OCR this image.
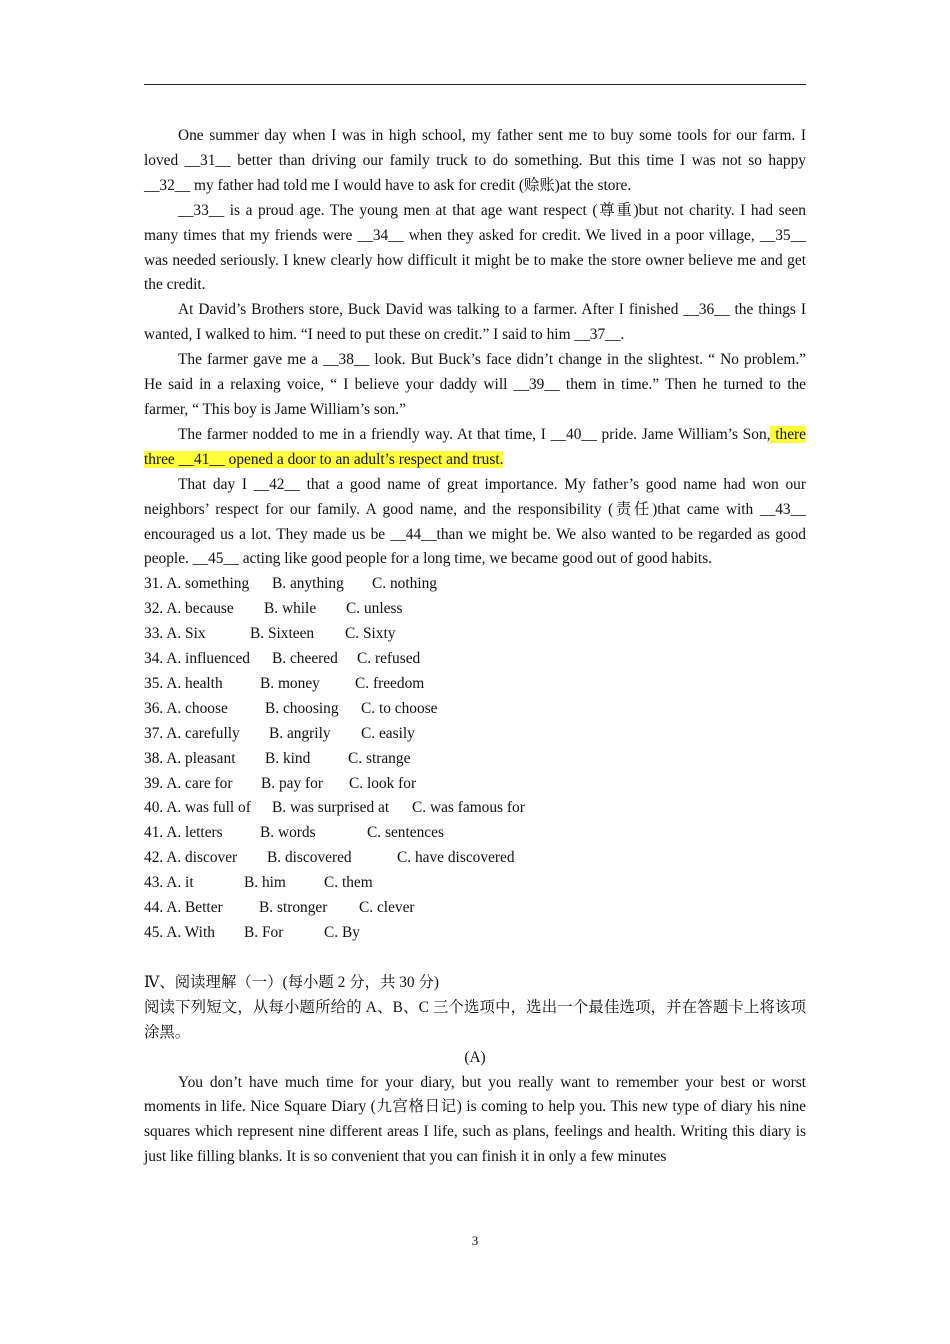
One summer day when I was in high school, my father sent me to buy some tools for our farm. I loved __31__ better than driving our family truck to do something. But this time I was not so happy __32__ my father had told me I would have to ask for credit (赊账)at the store.

__33__ is a proud age. The young men at that age want respect (尊重)but not charity. I had seen many times that my friends were __34__ when they asked for credit. We lived in a poor village, __35__ was needed seriously. I knew clearly how difficult it might be to make the store owner believe me and get the credit.

At David’s Brothers store, Buck David was talking to a farmer. After I finished __36__ the things I wanted, I walked to him. “I need to put these on credit.” I said to him __37__.

The farmer gave me a __38__ look. But Buck’s face didn’t change in the slightest. “ No problem.” He said in a relaxing voice, “ I believe your daddy will __39__ them in time.” Then he turned to the farmer, “ This boy is Jame William’s son.”

The farmer nodded to me in a friendly way. At that time, I __40__ pride. Jame William’s Son, there three __41__ opened a door to an adult’s respect and trust.

That day I __42__ that a good name of great importance. My father’s good name had won our neighbors’ respect for our family. A good name, and the responsibility (责任)that came with __43__ encouraged us a lot. They made us be __44__than we might be. We also wanted to be regarded as good people. __45__ acting like good people for a long time, we became good out of good habits.

31. A. something B. anything C. nothing
32. A. because B. while C. unless
33. A. Six	B. Sixteen C. Sixty
34. A. influenced B. cheered C. refused
35. A. health B. money C. freedom
36. A. choose B. choosing C. to choose
37. A. carefully B. angrily C. easily
38. A. pleasant B. kind C. strange
39. A. care for B. pay for C. look for
40. A. was full of B. was surprised at C. was famous for
41. A. letters B. words	C. sentences
42. A. discover B. discovered	C. have discovered
43. A. it	B. him C. them
44. A. Better B. stronger C. clever
45. A. With B. For	C. By

Ⅳ、阅读理解（一）(每小题 2 分，共 30 分)

阅读下列短文，从每小题所给的 A、B、C 三个选项中，选出一个最佳选项，并在答题卡上将该项涂黑。

(A)

You don’t have much time for your diary, but you really want to remember your best or worst moments in life. Nice Square Diary (九宫格日记) is coming to help you. This new type of diary his nine squares which represent nine different areas I life, such as plans, feelings and health. Writing this diary is just like filling blanks. It is so convenient that you can finish it in only a few minutes

3
